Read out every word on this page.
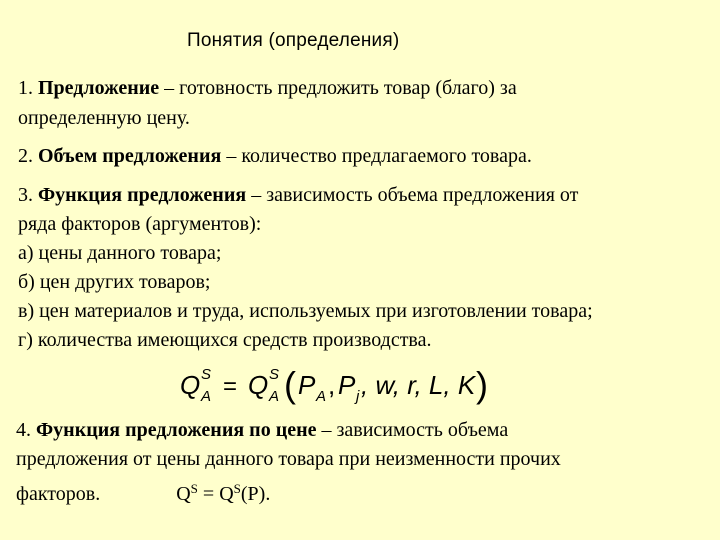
Понятия (определения)
1. Предложение – готовность предложить товар (благо) за
определенную цену.
2. Объем предложения – количество предлагаемого товара.
3. Функция предложения – зависимость объема предложения от
ряда факторов (аргументов):
а) цены данного товара;
б) цен других товаров;
в) цен материалов и труда, используемых при изготовлении товара;
г) количества имеющихся средств производства.
Q S
A = Q S
A ( P A , P j , w, r, L, K )
4. Функция предложения по цене – зависимость объема
предложения от цены данного товара при неизменности прочих
факторов.	$Q^S = Q^S(P)$.
